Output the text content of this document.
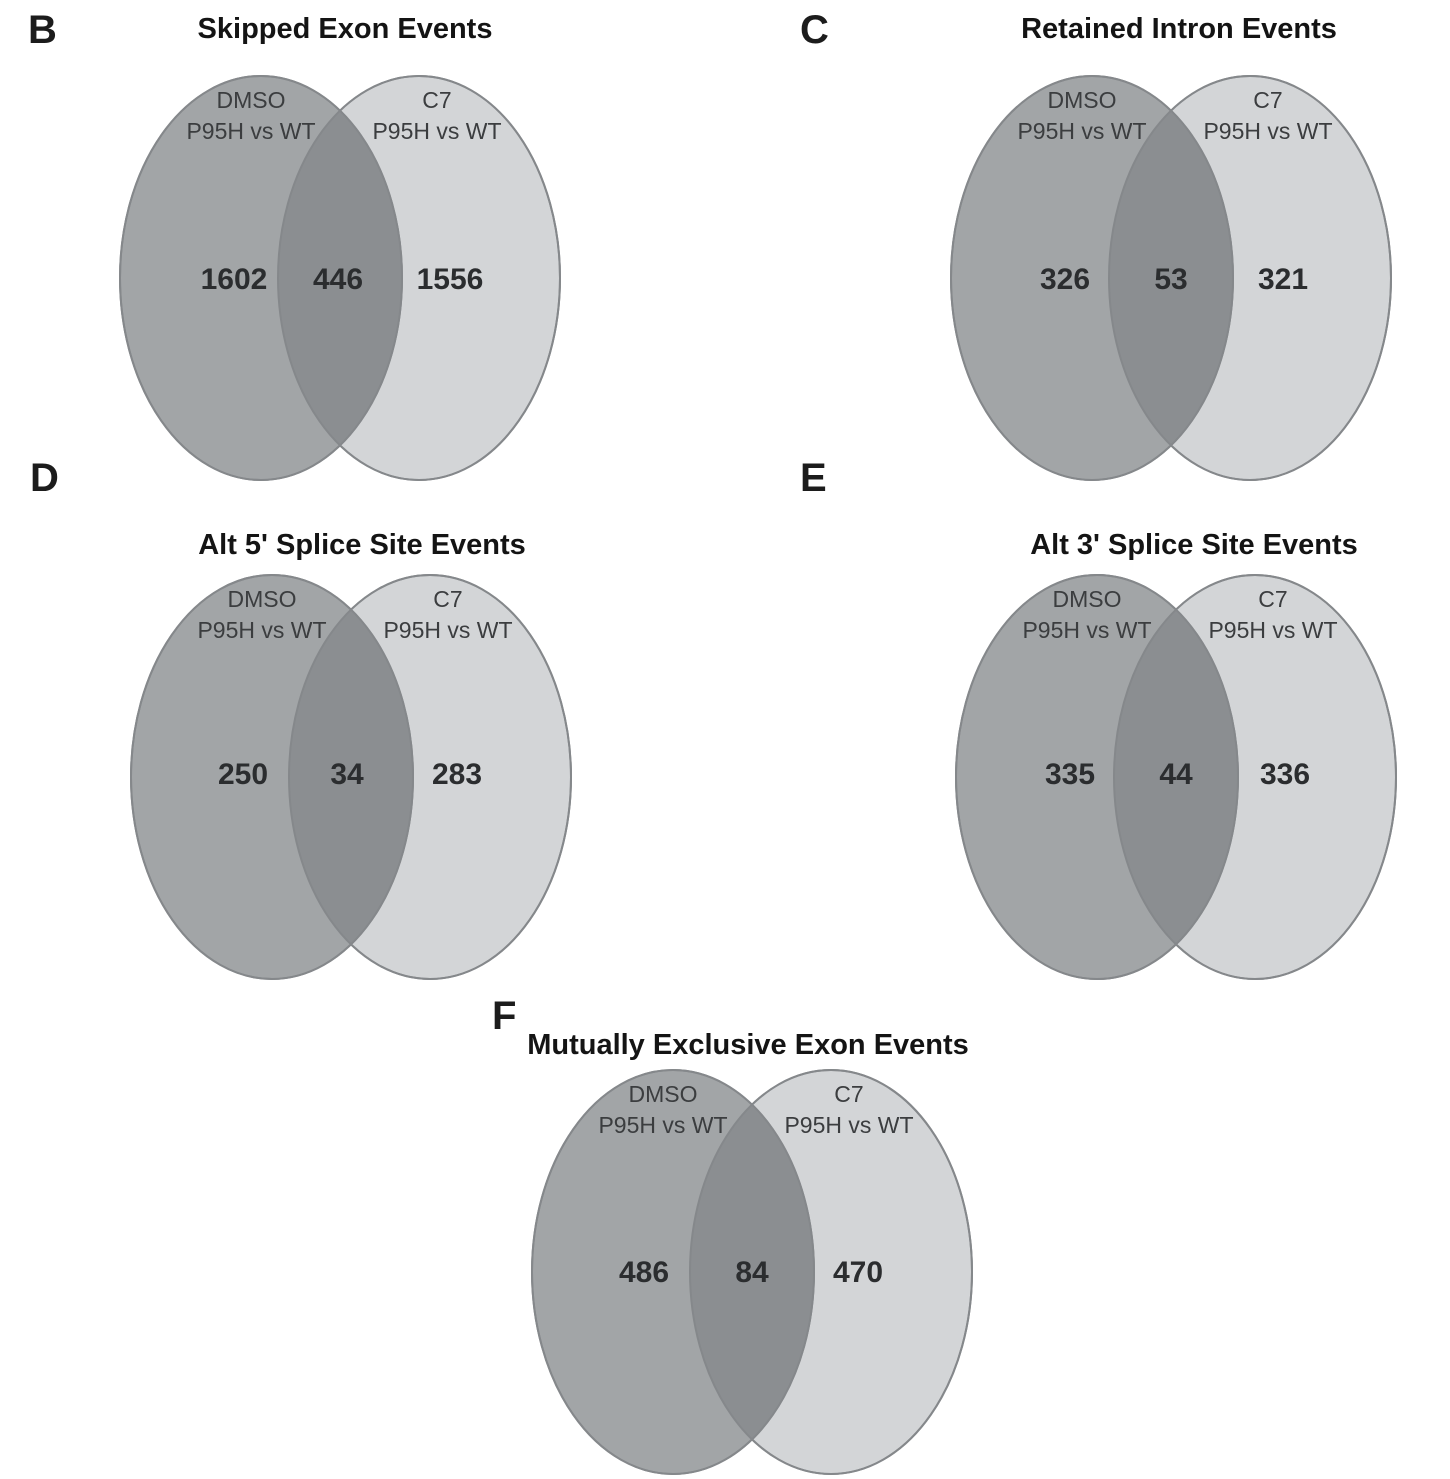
B	Skipped Exon Events
DMSO
P95H vs WT
C7
P95H vs WT
1602 446 1556
C	Retained Intron Events
DMSO
P95H vs WT
C7
P95H vs WT
326 53 321
D
Alt 5' Splice Site Events
DMSO
P95H vs WT
C7
P95H vs WT
250 34 283
E
Alt 3' Splice Site Events
DMSO
P95H vs WT
C7
P95H vs WT
335 44 336
F
Mutually Exclusive Exon Events
DMSO
P95H vs WT
C7
P95H vs WT
486 84 470
